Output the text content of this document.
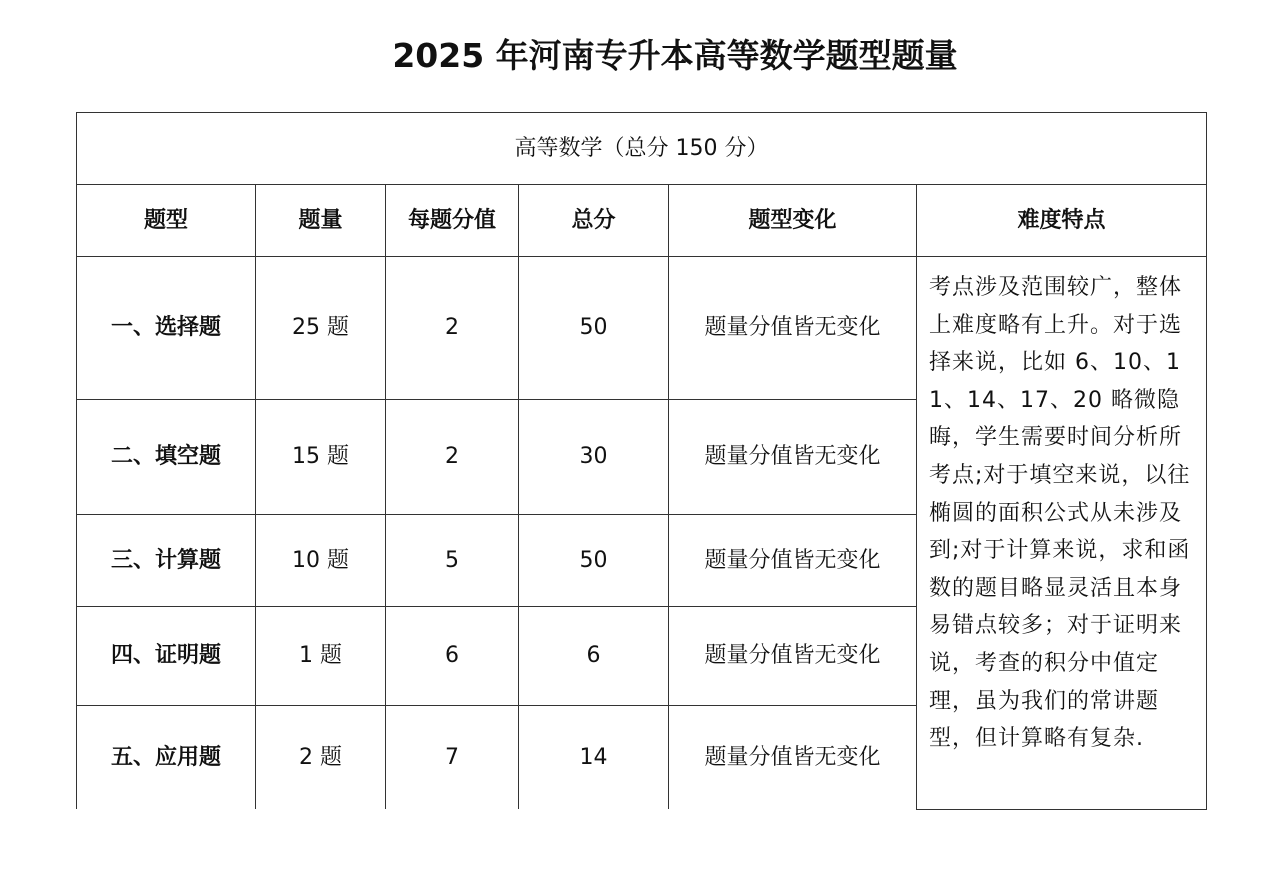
2025 年河南专升本高等数学题型题量
高等数学（总分 150 分）					
题型	题量	每题分值	总分	题型变化	难度特点
一、选择题	25 题	2	50	题量分值皆无变化	考点涉及范围较广，整体上难度略有上升。对于选择来说，比如 6、10、11、14、17、20 略微隐晦，学生需要时间分析所考点;对于填空来说，以往椭圆的面积公式从未涉及到;对于计算来说，求和函数的题目略显灵活且本身易错点较多；对于证明来说，考查的积分中值定理，虽为我们的常讲题型，但计算略有复杂.
二、填空题	15 题	2	30	题量分值皆无变化	
三、计算题	10 题	5	50	题量分值皆无变化	
四、证明题	1 题	6	6	题量分值皆无变化	
五、应用题	2 题	7	14	题量分值皆无变化	
